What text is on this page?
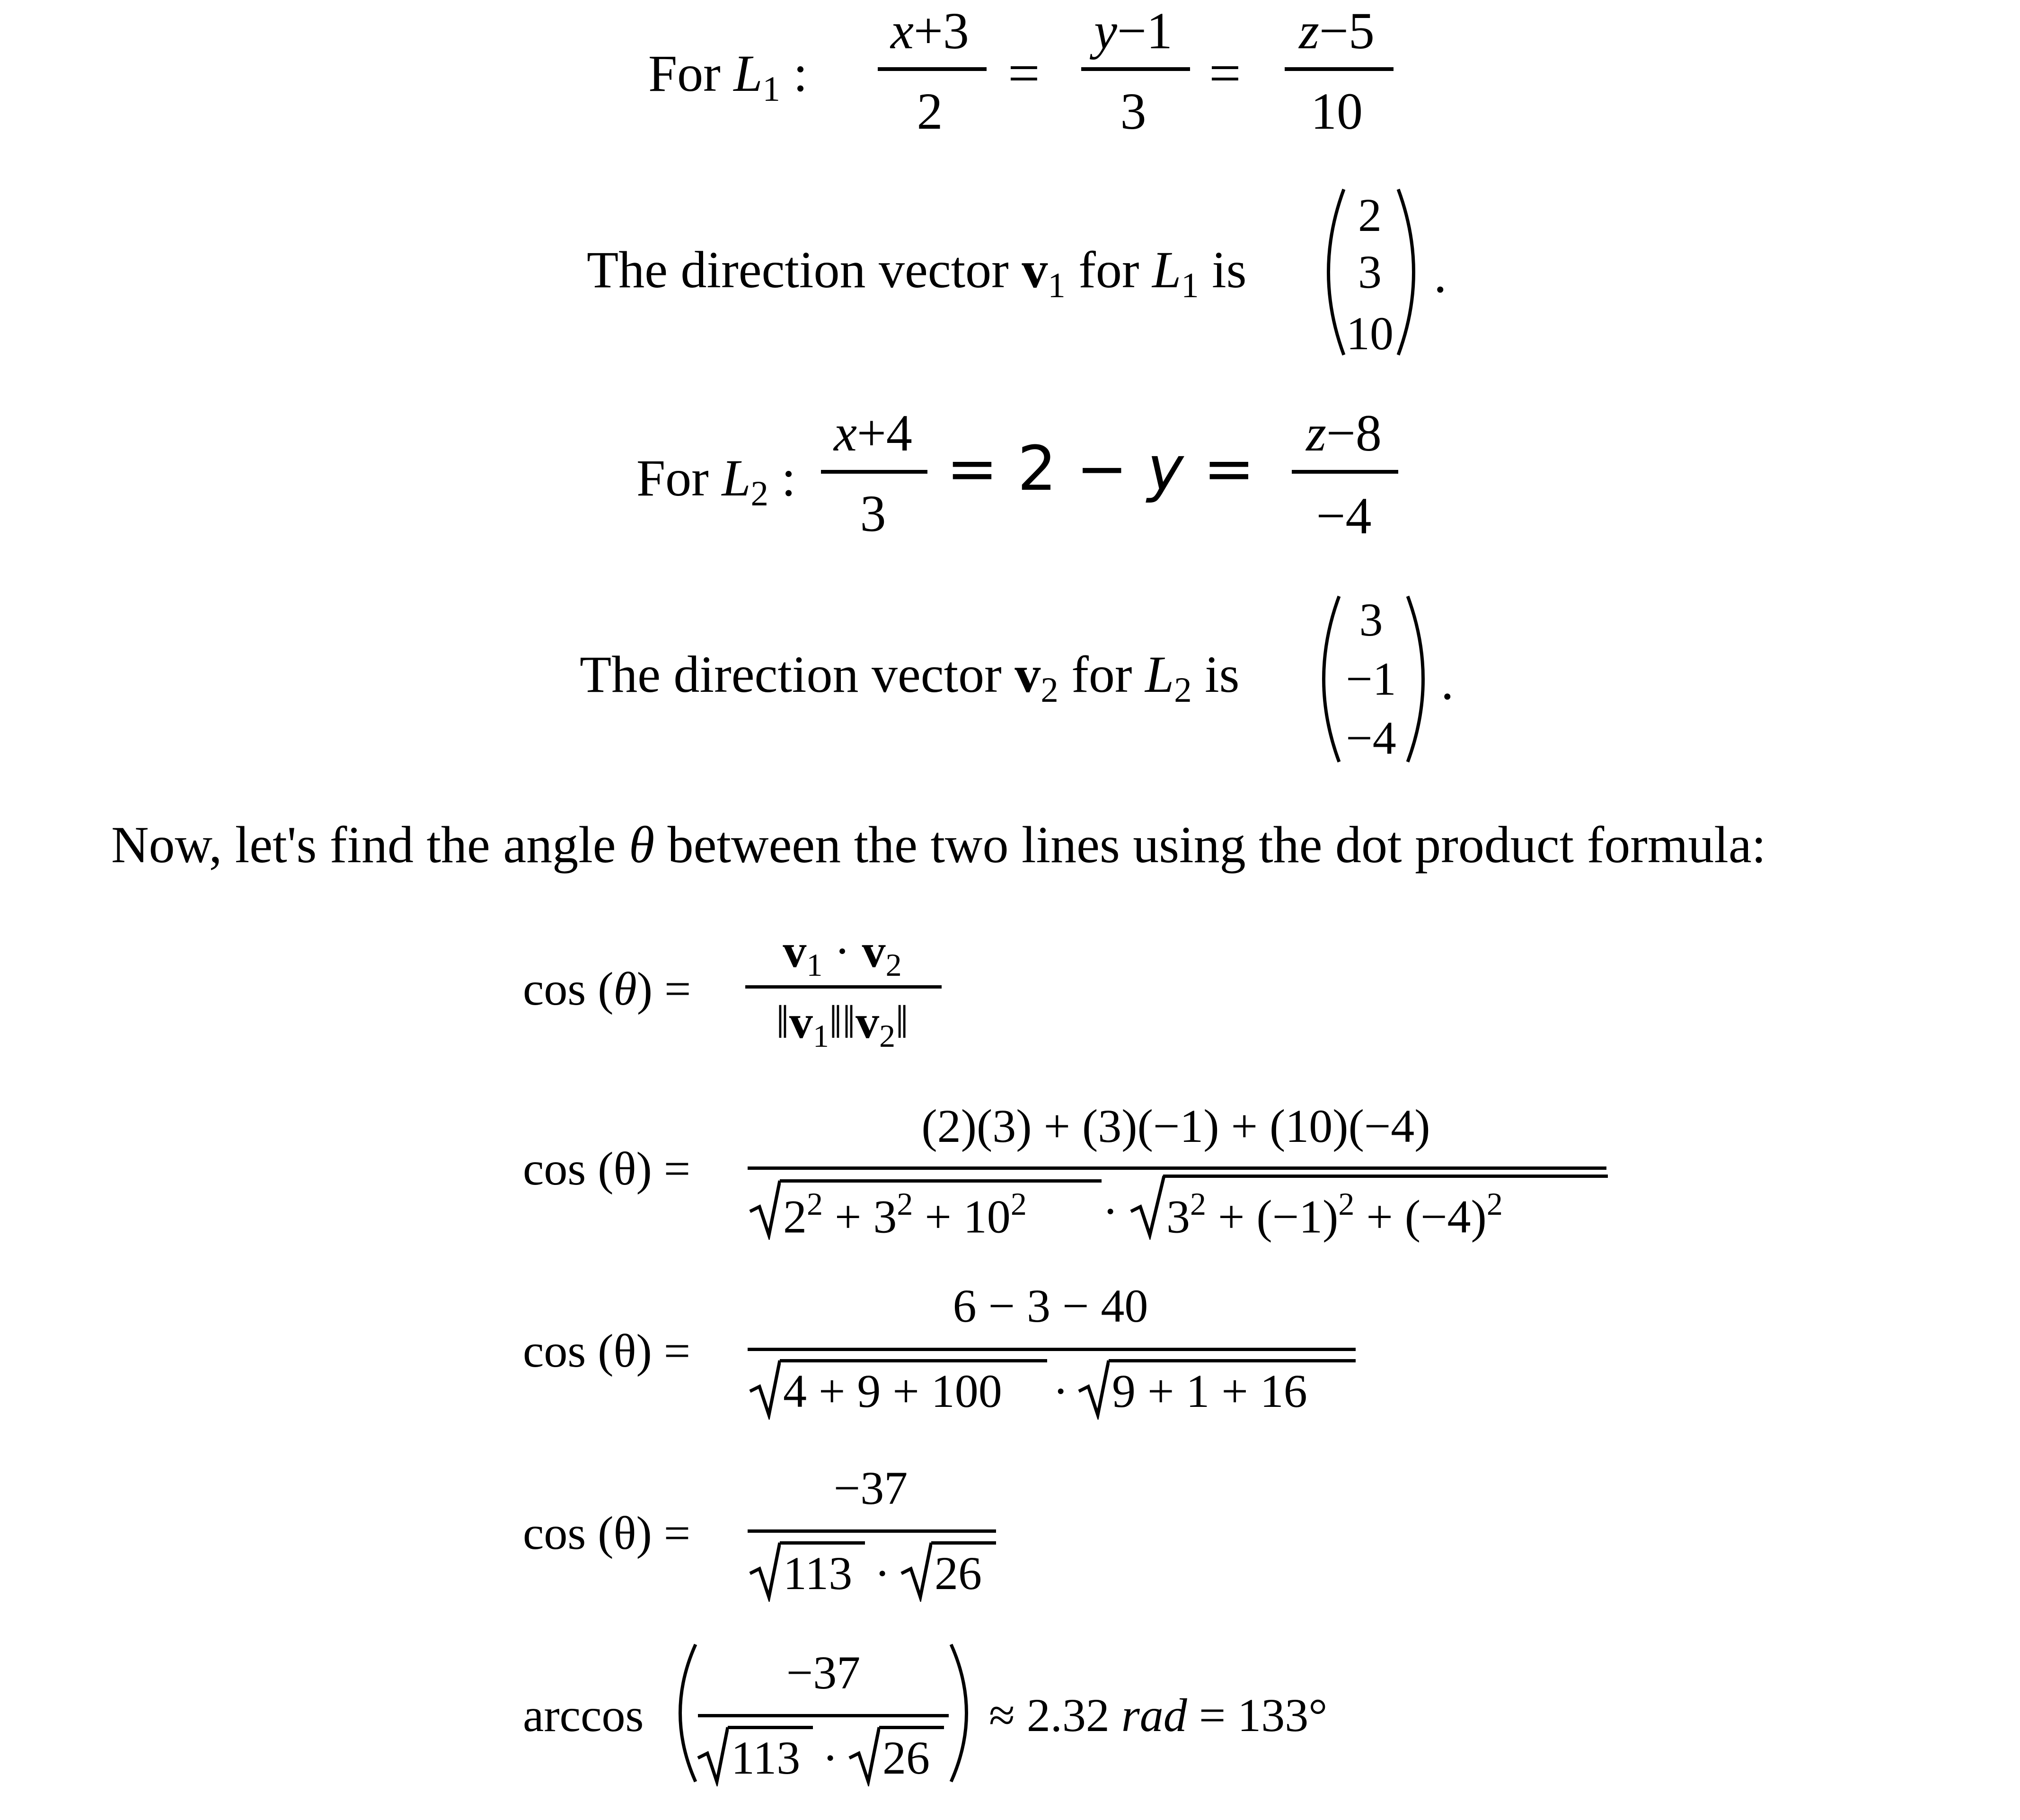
For $L_1$ :
x+3
2
=
y−1
3
=
z−5
10
The direction vector $v_1$ for $L_1$ is
2
3
10
.
For $L_2$ :
x+4
3
= 2 − y = z−8
−4
The direction vector $v_2$ for $L_2$ is
3
−1
−4
.
Now, let's find the angle θ between the two lines using the dot product formula:
cos (θ) =
$v_1 \cdot v_2$
$‖v_1‖‖v_2‖$
cos (θ) =
(2)(3) + (3)(−1) + (10)(−4)
$2^2 + 3^2 + 10^2 \cdot 3^2 + (-1)^2 + (-4)^2$
cos (θ) =
6 − 3 − 40
4 + 9 + 100 · 9 + 1 + 16
cos (θ) =
−37
113 · 26
arccos
−37
113 · 26
≈ 2.32 rad = 133°
